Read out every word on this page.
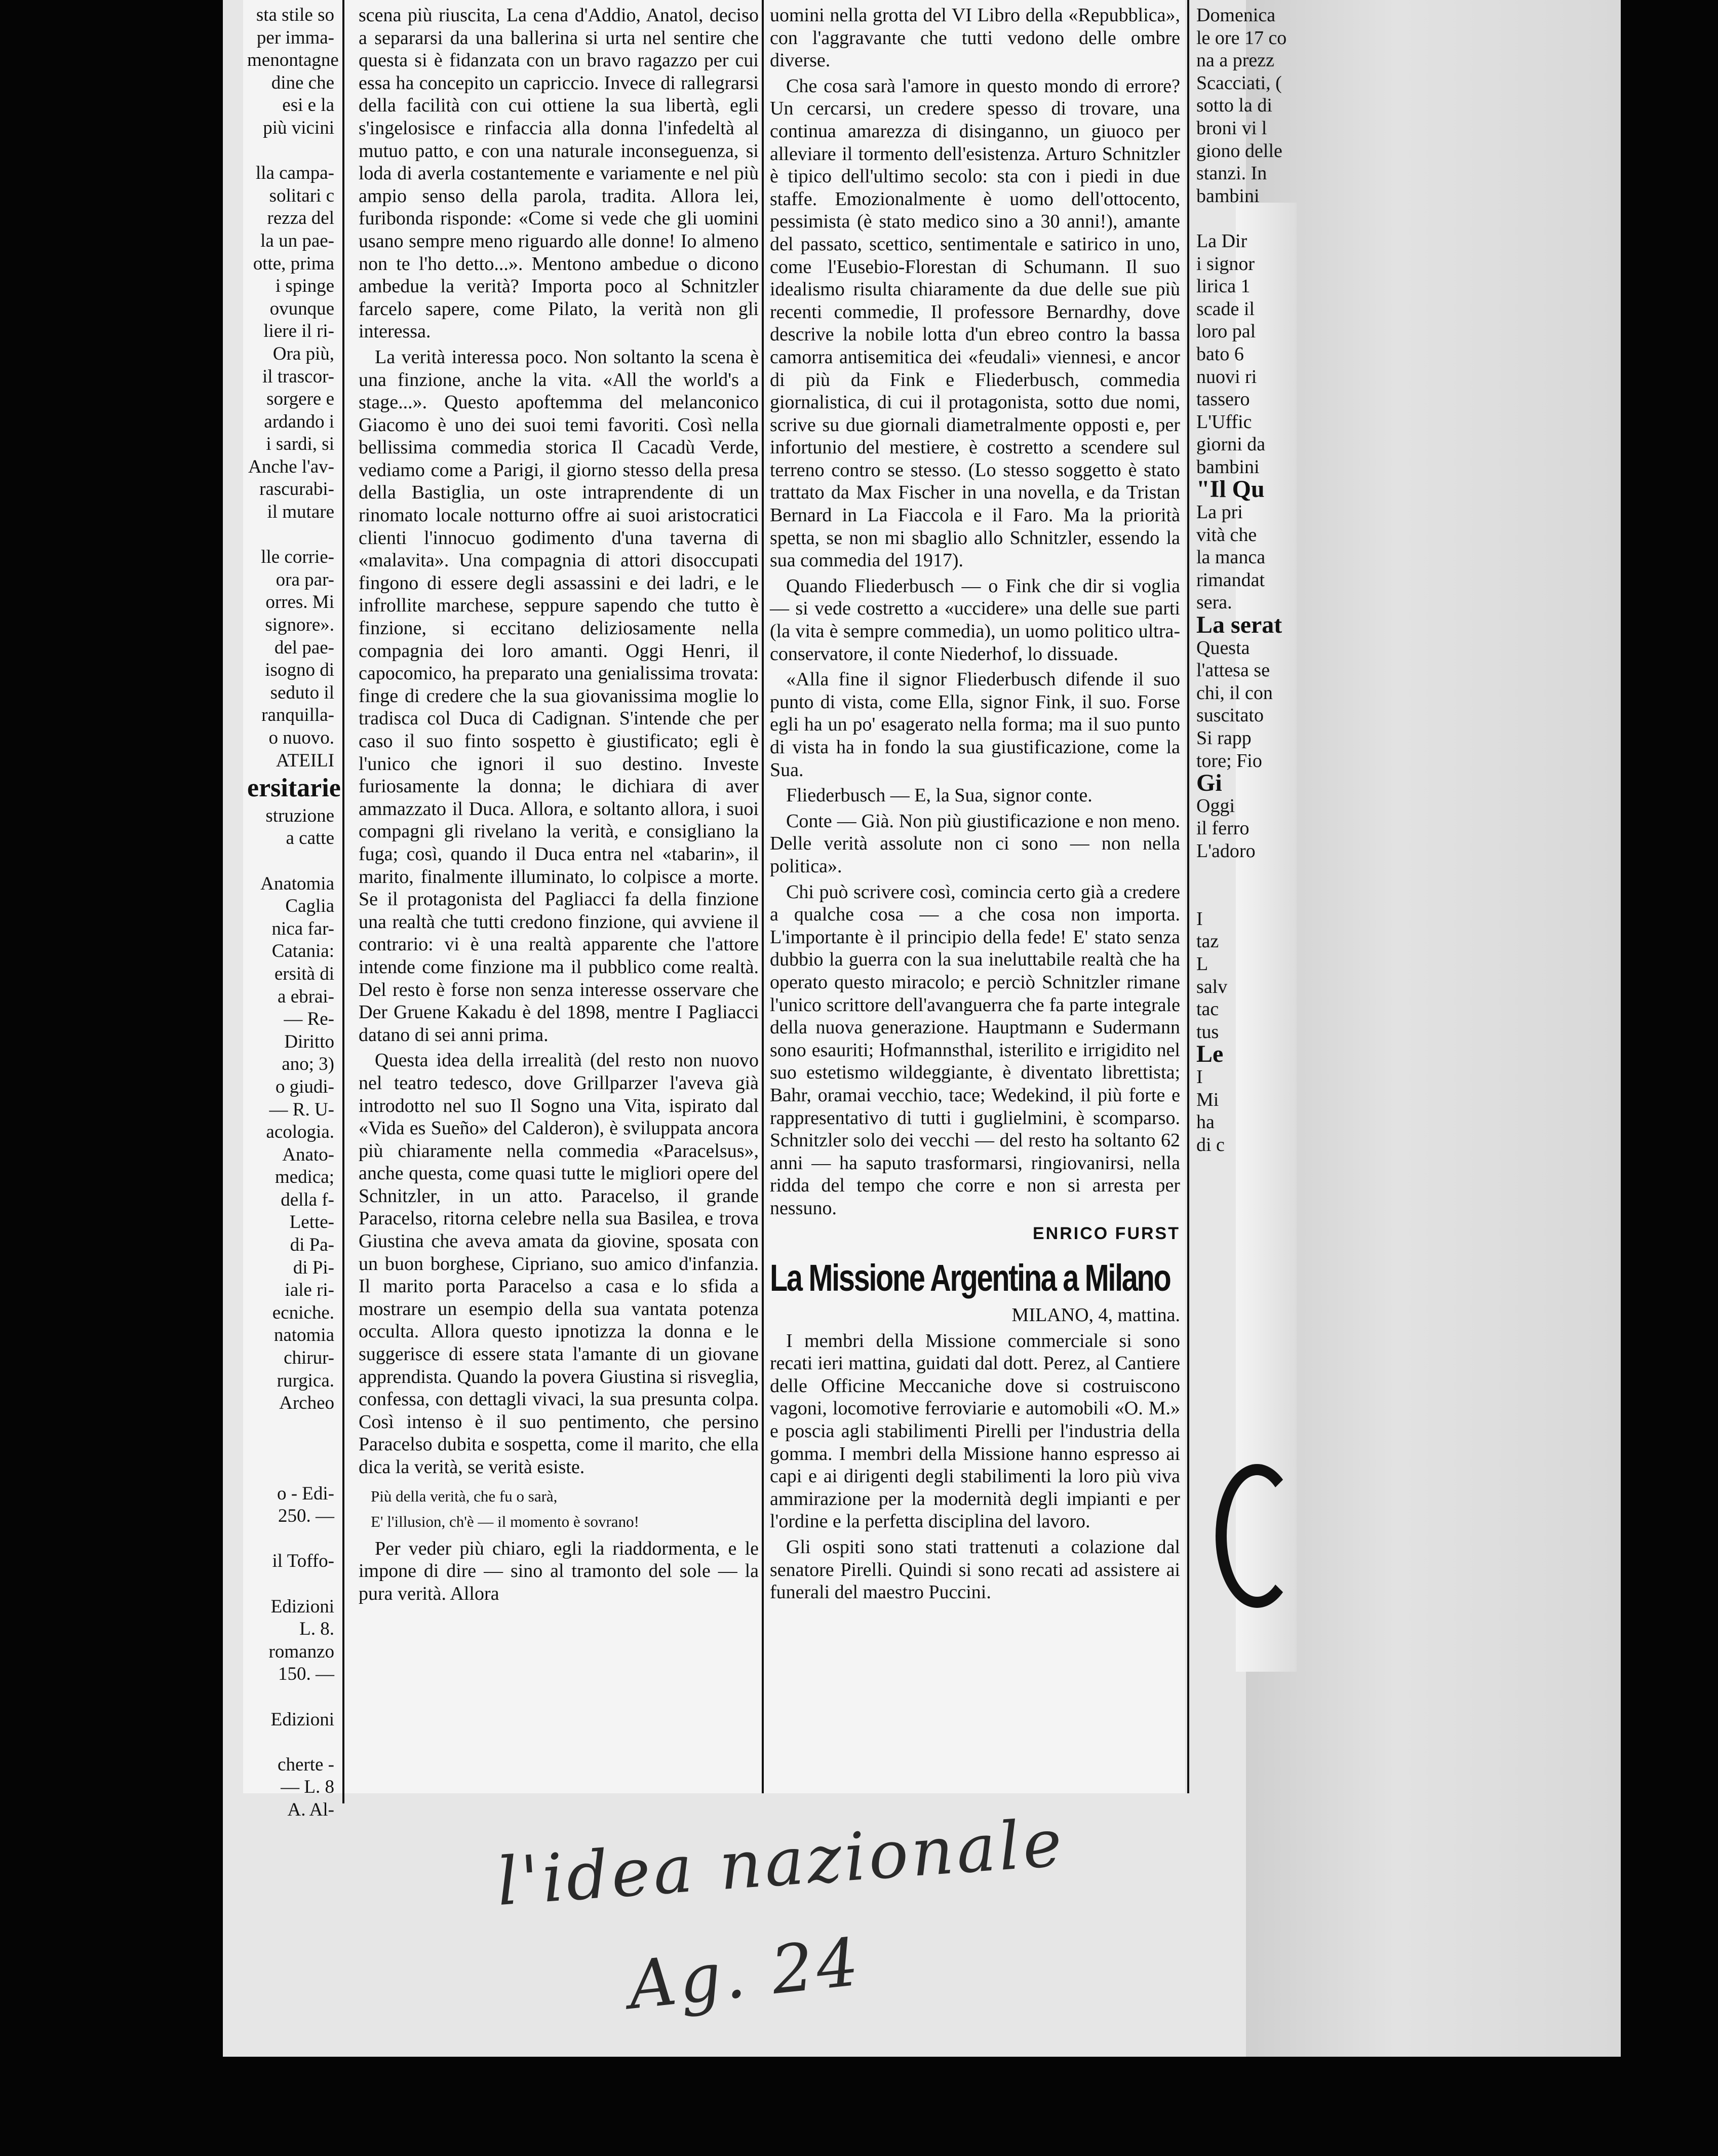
sta stile so
per imma-
menontagne
dine che
esi e la
più vicini

lla campa-
solitari c
rezza del
la un pae-
otte, prima
i spinge
ovunque
liere il ri-
Ora più,
il trascor-
sorgere e
ardando i
i sardi, si
Anche l'av-
rascurabi-
il mutare

lle corrie-
ora par-
orres. Mi
signore».
del pae-
isogno di
seduto il
ranquilla-
o nuovo.
ATEILI
ersitarie
struzione
a catte

Anatomia
Caglia
nica far-
Catania:
ersità di
a ebrai-
— Re-
Diritto
ano; 3)
o giudi-
— R. U-
acologia.
Anato-
medica;
della f-
Lette-
di Pa-
di Pi-
iale ri-
ecniche.
natomia
chirur-
rurgica.
Archeo

o - Edi-
250. —

il Toffo-

Edizioni
L. 8.
romanzo
150. —

Edizioni

cherte -
— L. 8
A. Al-

scena più riuscita, La cena d'Addio, Anatol, deciso a separarsi da una ballerina si urta nel sentire che questa si è fidanzata con un bravo ragazzo per cui essa ha concepito un capriccio. Invece di rallegrarsi della facilità con cui ottiene la sua libertà, egli s'ingelosisce e rinfaccia alla donna l'infedeltà al mutuo patto, e con una naturale inconseguenza, si loda di averla costantemente e variamente e nel più ampio senso della parola, tradita. Allora lei, furibonda risponde: «Come si vede che gli uomini usano sempre meno riguardo alle donne! Io almeno non te l'ho detto...». Mentono ambedue o dicono ambedue la verità? Importa poco al Schnitzler farcelo sapere, come Pilato, la verità non gli interessa.

La verità interessa poco. Non soltanto la scena è una finzione, anche la vita. «All the world's a stage...». Questo apoftemma del melanconico Giacomo è uno dei suoi temi favoriti. Così nella bellissima commedia storica Il Cacadù Verde, vediamo come a Parigi, il giorno stesso della presa della Bastiglia, un oste intraprendente di un rinomato locale notturno offre ai suoi aristocratici clienti l'innocuo godimento d'una taverna di «malavita». Una compagnia di attori disoccupati fingono di essere degli assassini e dei ladri, e le infrollite marchese, seppure sapendo che tutto è finzione, si eccitano deliziosamente nella compagnia dei loro amanti. Oggi Henri, il capocomico, ha preparato una genialissima trovata: finge di credere che la sua giovanissima moglie lo tradisca col Duca di Cadignan. S'intende che per caso il suo finto sospetto è giustificato; egli è l'unico che ignori il suo destino. Investe furiosamente la donna; le dichiara di aver ammazzato il Duca. Allora, e soltanto allora, i suoi compagni gli rivelano la verità, e consigliano la fuga; così, quando il Duca entra nel «tabarin», il marito, finalmente illuminato, lo colpisce a morte. Se il protagonista del Pagliacci fa della finzione una realtà che tutti credono finzione, qui avviene il contrario: vi è una realtà apparente che l'attore intende come finzione ma il pubblico come realtà. Del resto è forse non senza interesse osservare che Der Gruene Kakadu è del 1898, mentre I Pagliacci datano di sei anni prima.

Questa idea della irrealità (del resto non nuovo nel teatro tedesco, dove Grillparzer l'aveva già introdotto nel suo Il Sogno una Vita, ispirato dal «Vida es Sueño» del Calderon), è sviluppata ancora più chiaramente nella commedia «Paracelsus», anche questa, come quasi tutte le migliori opere del Schnitzler, in un atto. Paracelso, il grande Paracelso, ritorna celebre nella sua Basilea, e trova Giustina che aveva amata da giovine, sposata con un buon borghese, Cipriano, suo amico d'infanzia. Il marito porta Paracelso a casa e lo sfida a mostrare un esempio della sua vantata potenza occulta. Allora questo ipnotizza la donna e le suggerisce di essere stata l'amante di un giovane apprendista. Quando la povera Giustina si risveglia, confessa, con dettagli vivaci, la sua presunta colpa. Così intenso è il suo pentimento, che persino Paracelso dubita e sospetta, come il marito, che ella dica la verità, se verità esiste.

Più della verità, che fu o sarà,

E' l'illusion, ch'è — il momento è sovrano!

Per veder più chiaro, egli la riaddormenta, e le impone di dire — sino al tramonto del sole — la pura verità. Allora

uomini nella grotta del VI Libro della «Repubblica», con l'aggravante che tutti vedono delle ombre diverse.

Che cosa sarà l'amore in questo mondo di errore? Un cercarsi, un credere spesso di trovare, una continua amarezza di disinganno, un giuoco per alleviare il tormento dell'esistenza. Arturo Schnitzler è tipico dell'ultimo secolo: sta con i piedi in due staffe. Emozionalmente è uomo dell'ottocento, pessimista (è stato medico sino a 30 anni!), amante del passato, scettico, sentimentale e satirico in uno, come l'Eusebio-Florestan di Schumann. Il suo idealismo risulta chiaramente da due delle sue più recenti commedie, Il professore Bernardhy, dove descrive la nobile lotta d'un ebreo contro la bassa camorra antisemitica dei «feudali» viennesi, e ancor di più da Fink e Fliederbusch, commedia giornalistica, di cui il protagonista, sotto due nomi, scrive su due giornali diametralmente opposti e, per infortunio del mestiere, è costretto a scendere sul terreno contro se stesso. (Lo stesso soggetto è stato trattato da Max Fischer in una novella, e da Tristan Bernard in La Fiaccola e il Faro. Ma la priorità spetta, se non mi sbaglio allo Schnitzler, essendo la sua commedia del 1917).

Quando Fliederbusch — o Fink che dir si voglia — si vede costretto a «uccidere» una delle sue parti (la vita è sempre commedia), un uomo politico ultra-conservatore, il conte Niederhof, lo dissuade.

«Alla fine il signor Fliederbusch difende il suo punto di vista, come Ella, signor Fink, il suo. Forse egli ha un po' esagerato nella forma; ma il suo punto di vista ha in fondo la sua giustificazione, come la Sua.

Fliederbusch — E, la Sua, signor conte.

Conte — Già. Non più giustificazione e non meno. Delle verità assolute non ci sono — non nella politica».

Chi può scrivere così, comincia certo già a credere a qualche cosa — a che cosa non importa. L'importante è il principio della fede! E' stato senza dubbio la guerra con la sua ineluttabile realtà che ha operato questo miracolo; e perciò Schnitzler rimane l'unico scrittore dell'avanguerra che fa parte integrale della nuova generazione. Hauptmann e Sudermann sono esauriti; Hofmannsthal, isterilito e irrigidito nel suo estetismo wildeggiante, è diventato librettista; Bahr, oramai vecchio, tace; Wedekind, il più forte e rappresentativo di tutti i guglielmini, è scomparso. Schnitzler solo dei vecchi — del resto ha soltanto 62 anni — ha saputo trasformarsi, ringiovanirsi, nella ridda del tempo che corre e non si arresta per nessuno.

ENRICO FURST

La Missione Argentina a Milano

MILANO, 4, mattina.

I membri della Missione commerciale si sono recati ieri mattina, guidati dal dott. Perez, al Cantiere delle Officine Meccaniche dove si costruiscono vagoni, locomotive ferroviarie e automobili «O. M.» e poscia agli stabilimenti Pirelli per l'industria della gomma. I membri della Missione hanno espresso ai capi e ai dirigenti degli stabilimenti la loro più viva ammirazione per la modernità degli impianti e per l'ordine e la perfetta disciplina del lavoro.

Gli ospiti sono stati trattenuti a colazione dal senatore Pirelli. Quindi si sono recati ad assistere ai funerali del maestro Puccini.

Domenica
le ore 17 co
na a prezz
Scacciati, (
sotto la di
broni vi l
giono delle
stanzi. In
bambini

La Dir
i signor
lirica 1
scade il
loro pal
bato 6
nuovi ri
tassero
L'Uffic
giorni da
bambini
"Il Qu
La pri
vità che
la manca
rimandat
sera.
La serat
Questa
l'attesa se
chi, il con
suscitato
Si rapp
tore; Fio
Gi
Oggi
il ferro
L'adoro

I
taz
L
salv
tac
tus
Le
I
Mi
ha
di c
l'idea nazionale
Ag. 24
